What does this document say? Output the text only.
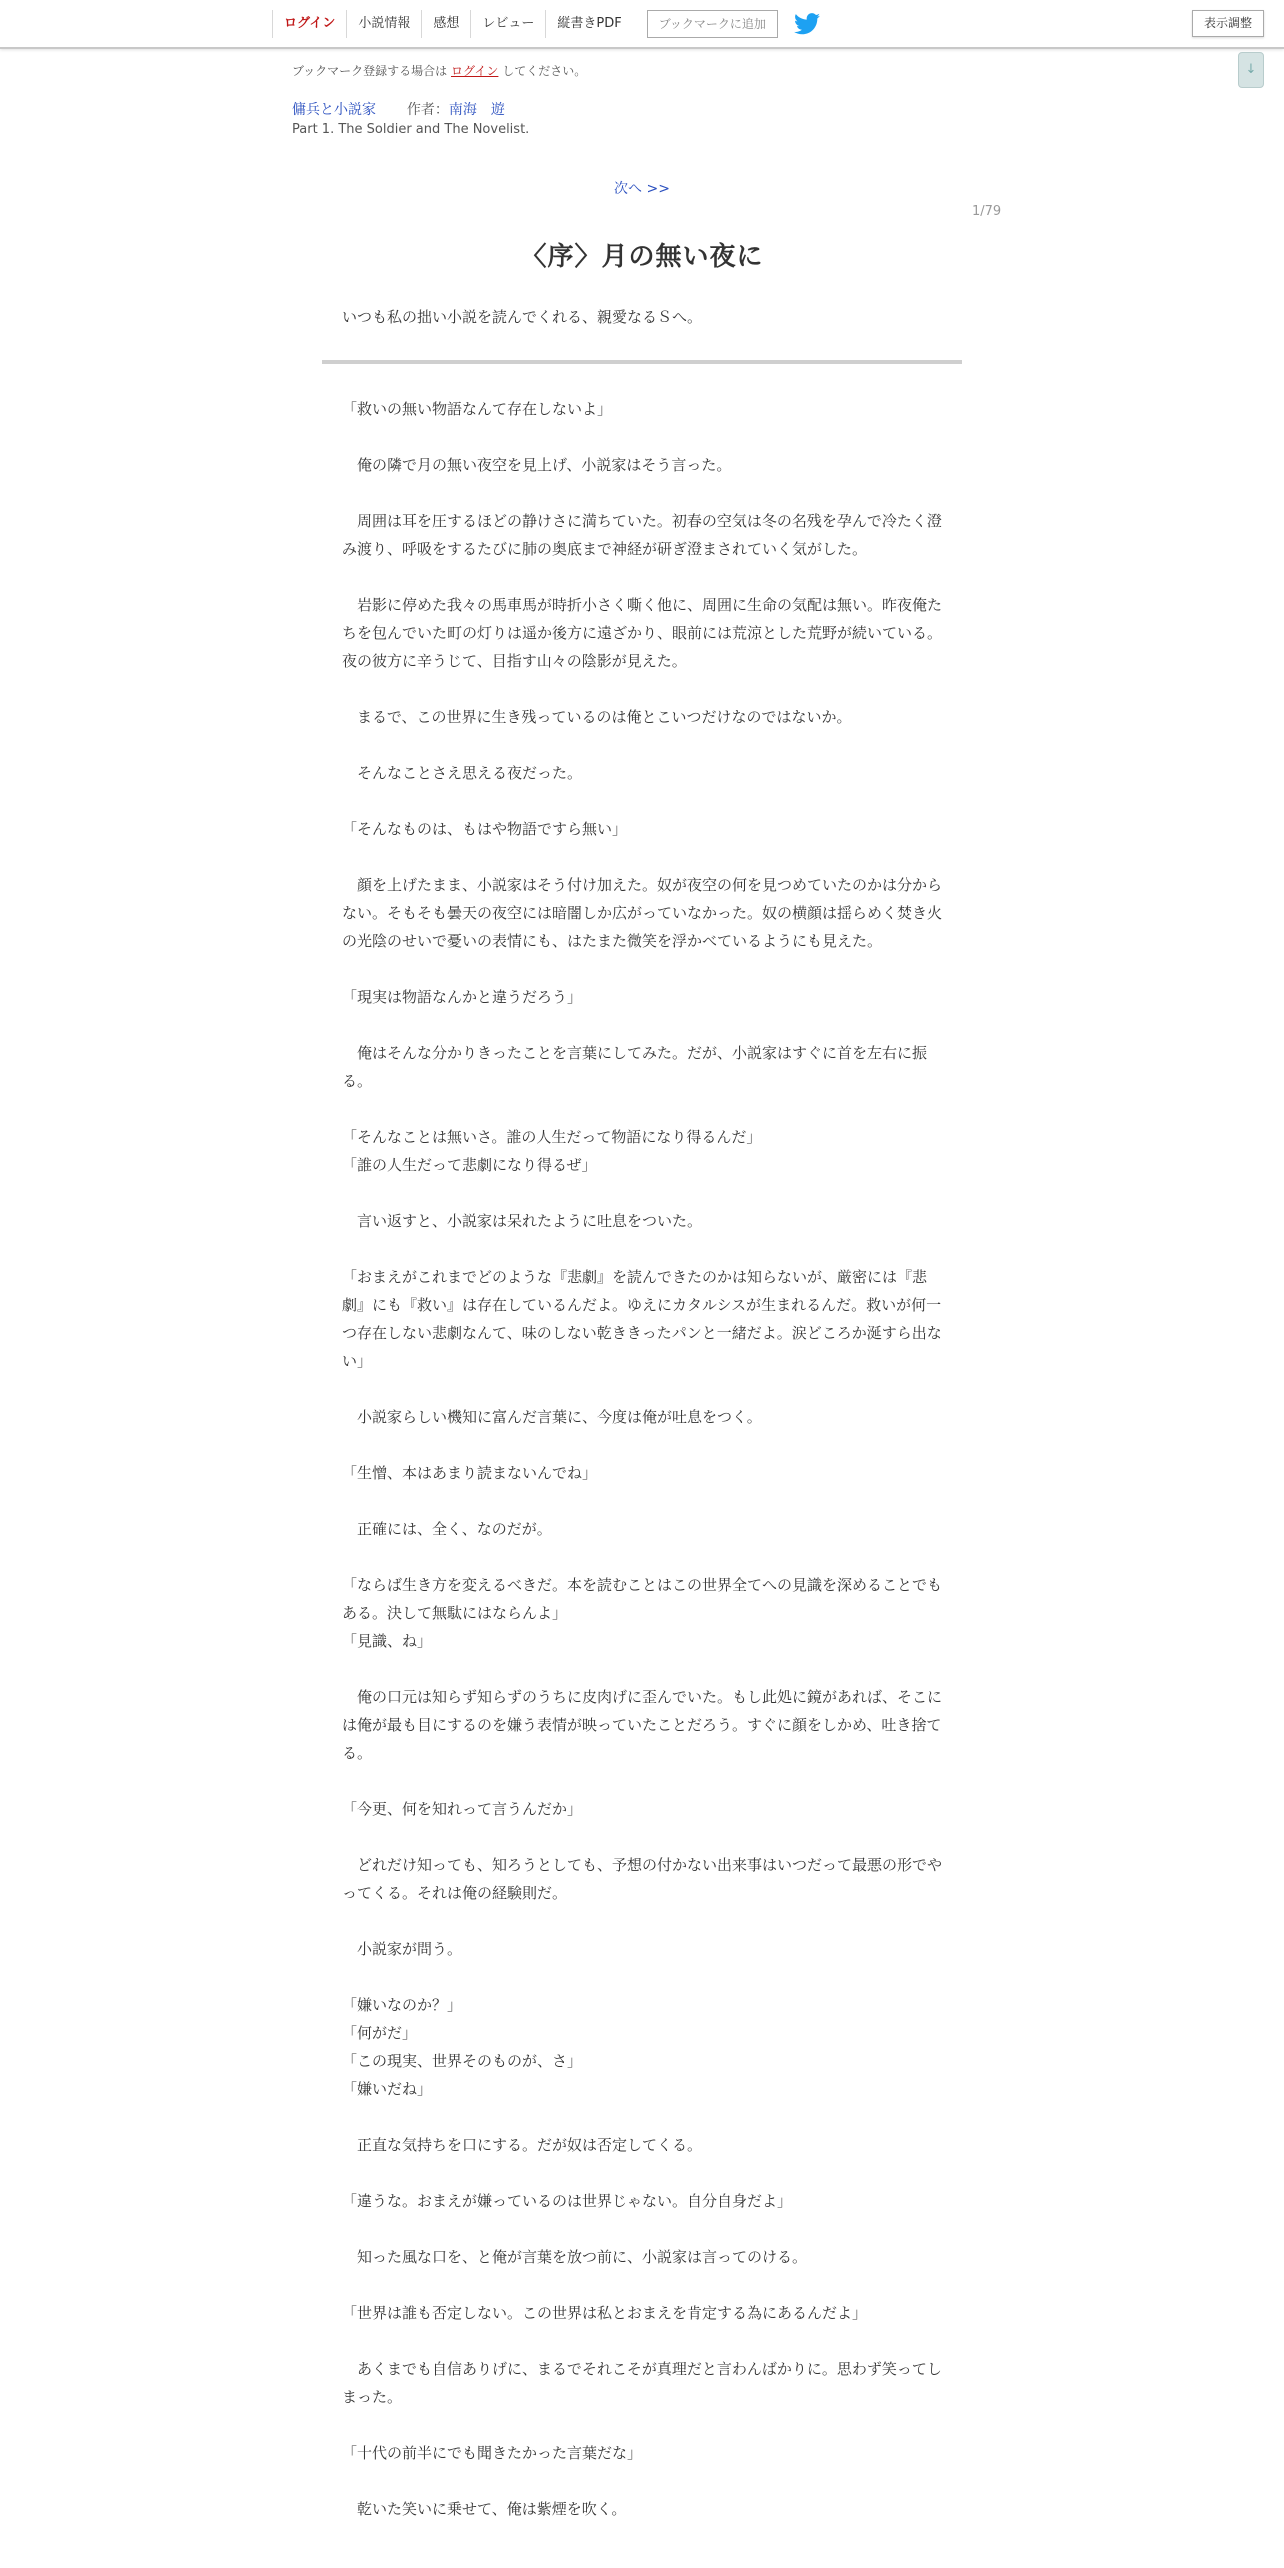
ログイン	小説情報	感想	レビュー	縦書きPDF	ブックマークに追加	表示調整
↓
ブックマーク登録する場合は ログイン してください。
傭兵と小説家 作者：南海　遊
Part 1. The Soldier and The Novelist.
次へ >>
1/79
〈序〉月の無い夜に
いつも私の拙い小説を読んでくれる、親愛なるＳへ。

「救いの無い物語なんて存在しないよ」

俺の隣で月の無い夜空を見上げ、小説家はそう言った。

周囲は耳を圧するほどの静けさに満ちていた。初春の空気は冬の名残を孕んで冷たく澄み渡り、呼吸をするたびに肺の奥底まで神経が研ぎ澄まされていく気がした。

岩影に停めた我々の馬車馬が時折小さく嘶く他に、周囲に生命の気配は無い。昨夜俺たちを包んでいた町の灯りは遥か後方に遠ざかり、眼前には荒涼とした荒野が続いている。夜の彼方に辛うじて、目指す山々の陰影が見えた。

まるで、この世界に生き残っているのは俺とこいつだけなのではないか。

そんなことさえ思える夜だった。

「そんなものは、もはや物語ですら無い」

顔を上げたまま、小説家はそう付け加えた。奴が夜空の何を見つめていたのかは分からない。そもそも曇天の夜空には暗闇しか広がっていなかった。奴の横顔は揺らめく焚き火の光陰のせいで憂いの表情にも、はたまた微笑を浮かべているようにも見えた。

「現実は物語なんかと違うだろう」

俺はそんな分かりきったことを言葉にしてみた。だが、小説家はすぐに首を左右に振る。

「そんなことは無いさ。誰の人生だって物語になり得るんだ」

「誰の人生だって悲劇になり得るぜ」

言い返すと、小説家は呆れたように吐息をついた。

「おまえがこれまでどのような『悲劇』を読んできたのかは知らないが、厳密には『悲劇』にも『救い』は存在しているんだよ。ゆえにカタルシスが生まれるんだ。救いが何一つ存在しない悲劇なんて、味のしない乾ききったパンと一緒だよ。涙どころか涎すら出ない」

小説家らしい機知に富んだ言葉に、今度は俺が吐息をつく。

「生憎、本はあまり読まないんでね」

正確には、全く、なのだが。

「ならば生き方を変えるべきだ。本を読むことはこの世界全てへの見識を深めることでもある。決して無駄にはならんよ」

「見識、ね」

俺の口元は知らず知らずのうちに皮肉げに歪んでいた。もし此処に鏡があれば、そこには俺が最も目にするのを嫌う表情が映っていたことだろう。すぐに顔をしかめ、吐き捨てる。

「今更、何を知れって言うんだか」

どれだけ知っても、知ろうとしても、予想の付かない出来事はいつだって最悪の形でやってくる。それは俺の経験則だ。

小説家が問う。

「嫌いなのか？」

「何がだ」

「この現実、世界そのものが、さ」

「嫌いだね」

正直な気持ちを口にする。だが奴は否定してくる。

「違うな。おまえが嫌っているのは世界じゃない。自分自身だよ」

知った風な口を、と俺が言葉を放つ前に、小説家は言ってのける。

「世界は誰も否定しない。この世界は私とおまえを肯定する為にあるんだよ」

あくまでも自信ありげに、まるでそれこそが真理だと言わんばかりに。思わず笑ってしまった。

「十代の前半にでも聞きたかった言葉だな」

乾いた笑いに乗せて、俺は紫煙を吹く。
